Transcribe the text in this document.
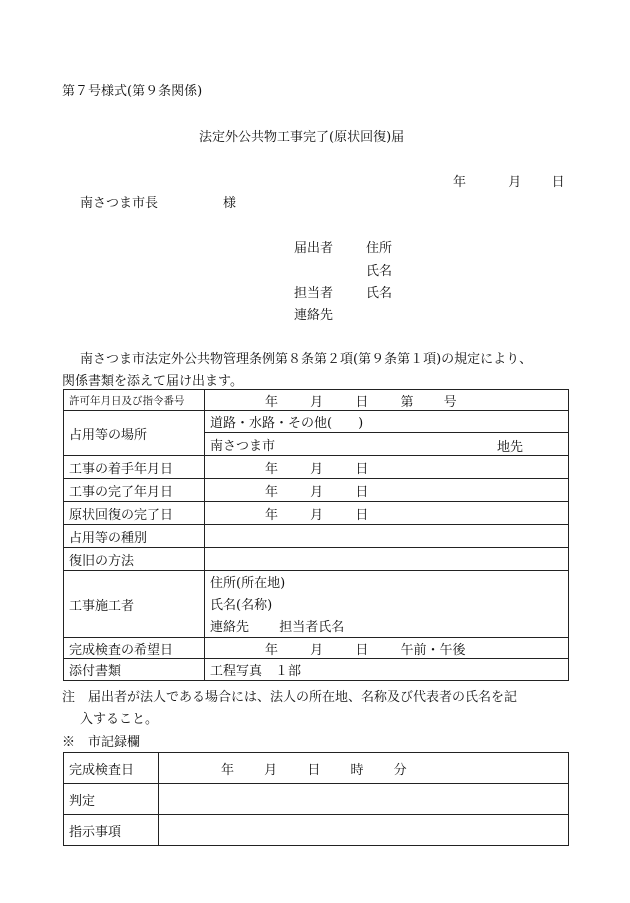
第７号様式(第９条関係)
法定外公共物工事完了(原状回復)届
年	月 日
南さつま市長	様
届出者	住所
氏名
担当者	氏名
連絡先
南さつま市法定外公共物管理条例第８条第２項(第９条第１項)の規定により、
関係書類を添えて届け出ます。
許可年月日及び指令番号	年 月 日 第 号
占用等の場所	道路・水路・その他(　　)
	南さつま市 地先

工事の着手年月日	年 月 日
工事の完了年月日	年 月 日
原状回復の完了日	年 月 日
占用等の種別	
復旧の方法	
工事施工者	住所(所在地)
	氏名(名称)
	連絡先 担当者氏名
完成検査の希望日	年 月 日 午前・午後
添付書類	工程写真　１部
注　届出者が法人である場合には、法人の所在地、名称及び代表者の氏名を記
入すること。
※　市記録欄
完成検査日	年 月 日 時 分
判定	
指示事項	
